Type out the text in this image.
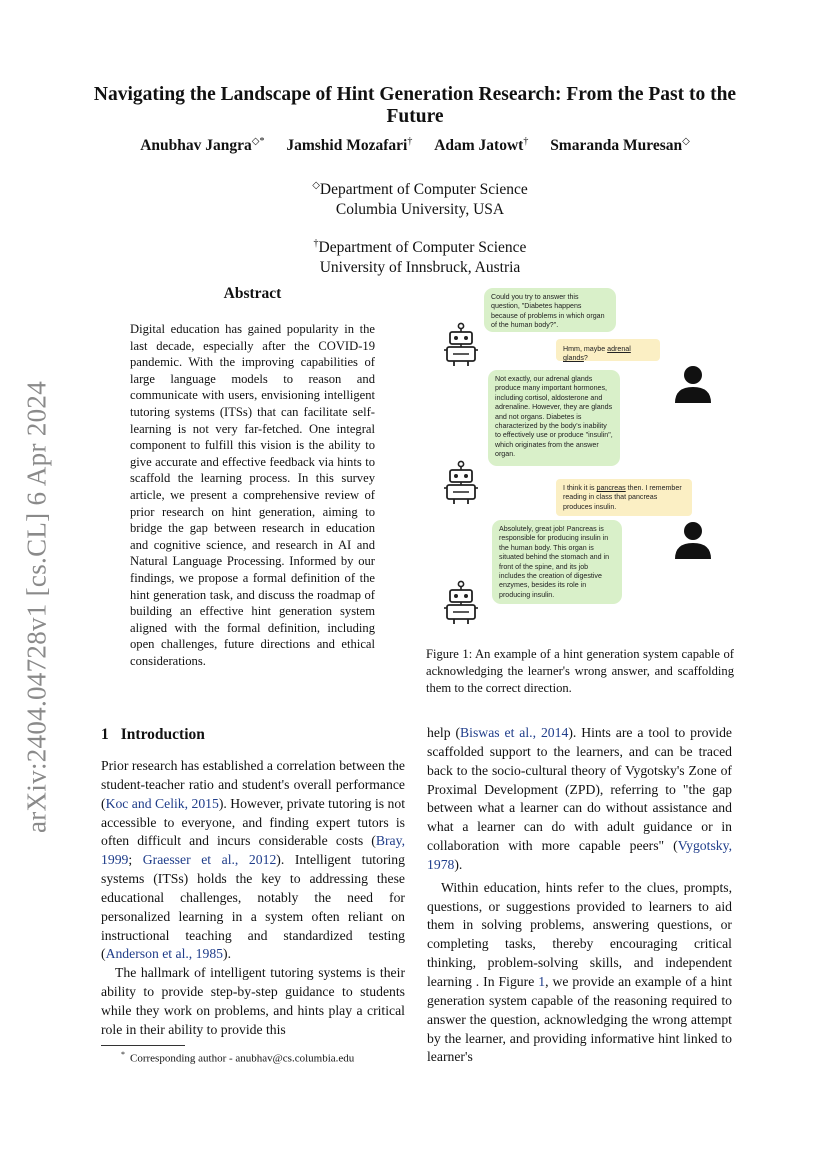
arXiv:2404.04728v1 [cs.CL] 6 Apr 2024
Navigating the Landscape of Hint Generation Research: From the Past to the Future
Anubhav Jangra◇* Jamshid Mozafari† Adam Jatowt† Smaranda Muresan◇
◇Department of Computer Science
Columbia University, USA
†Department of Computer Science
University of Innsbruck, Austria
Abstract

Digital education has gained popularity in the last decade, especially after the COVID-19 pandemic. With the improving capabilities of large language models to reason and communicate with users, envisioning intelligent tutoring systems (ITSs) that can facilitate self-learning is not very far-fetched. One integral component to fulfill this vision is the ability to give accurate and effective feedback via hints to scaffold the learning process. In this survey article, we present a comprehensive review of prior research on hint generation, aiming to bridge the gap between research in education and cognitive science, and research in AI and Natural Language Processing. Informed by our findings, we propose a formal definition of the hint generation task, and discuss the roadmap of building an effective hint generation system aligned with the formal definition, including open challenges, future directions and ethical considerations.

Could you try to answer this question, "Diabetes happens because of problems in which organ of the human body?".
Hmm, maybe adrenal glands?
Not exactly, our adrenal glands produce many important hormones, including cortisol, aldosterone and adrenaline. However, they are glands and not organs. Diabetes is characterized by the body's inability to effectively use or produce "insulin", which originates from the answer organ.
I think it is pancreas then. I remember reading in class that pancreas produces insulin.
Absolutely, great job! Pancreas is responsible for producing insulin in the human body. This organ is situated behind the stomach and in front of the spine, and its job includes the creation of digestive enzymes, besides its role in producing insulin.
Figure 1: An example of a hint generation system capable of acknowledging the learner's wrong answer, and scaffolding them to the correct direction.
1 Introduction

Prior research has established a correlation between the student-teacher ratio and student's overall performance (Koc and Celik, 2015). However, private tutoring is not accessible to everyone, and finding expert tutors is often difficult and incurs considerable costs (Bray, 1999; Graesser et al., 2012). Intelligent tutoring systems (ITSs) holds the key to addressing these educational challenges, notably the need for personalized learning in a system often reliant on instructional teaching and standardized testing (Anderson et al., 1985).

The hallmark of intelligent tutoring systems is their ability to provide step-by-step guidance to students while they work on problems, and hints play a critical role in their ability to provide this

help (Biswas et al., 2014). Hints are a tool to provide scaffolded support to the learners, and can be traced back to the socio-cultural theory of Vygotsky's Zone of Proximal Development (ZPD), referring to "the gap between what a learner can do without assistance and what a learner can do with adult guidance or in collaboration with more capable peers" (Vygotsky, 1978).

Within education, hints refer to the clues, prompts, questions, or suggestions provided to learners to aid them in solving problems, answering questions, or completing tasks, thereby encouraging critical thinking, problem-solving skills, and independent learning . In Figure 1, we provide an example of a hint generation system capable of the reasoning required to answer the question, acknowledging the wrong attempt by the learner, and providing informative hint linked to learner's

* Corresponding author - anubhav@cs.columbia.edu
